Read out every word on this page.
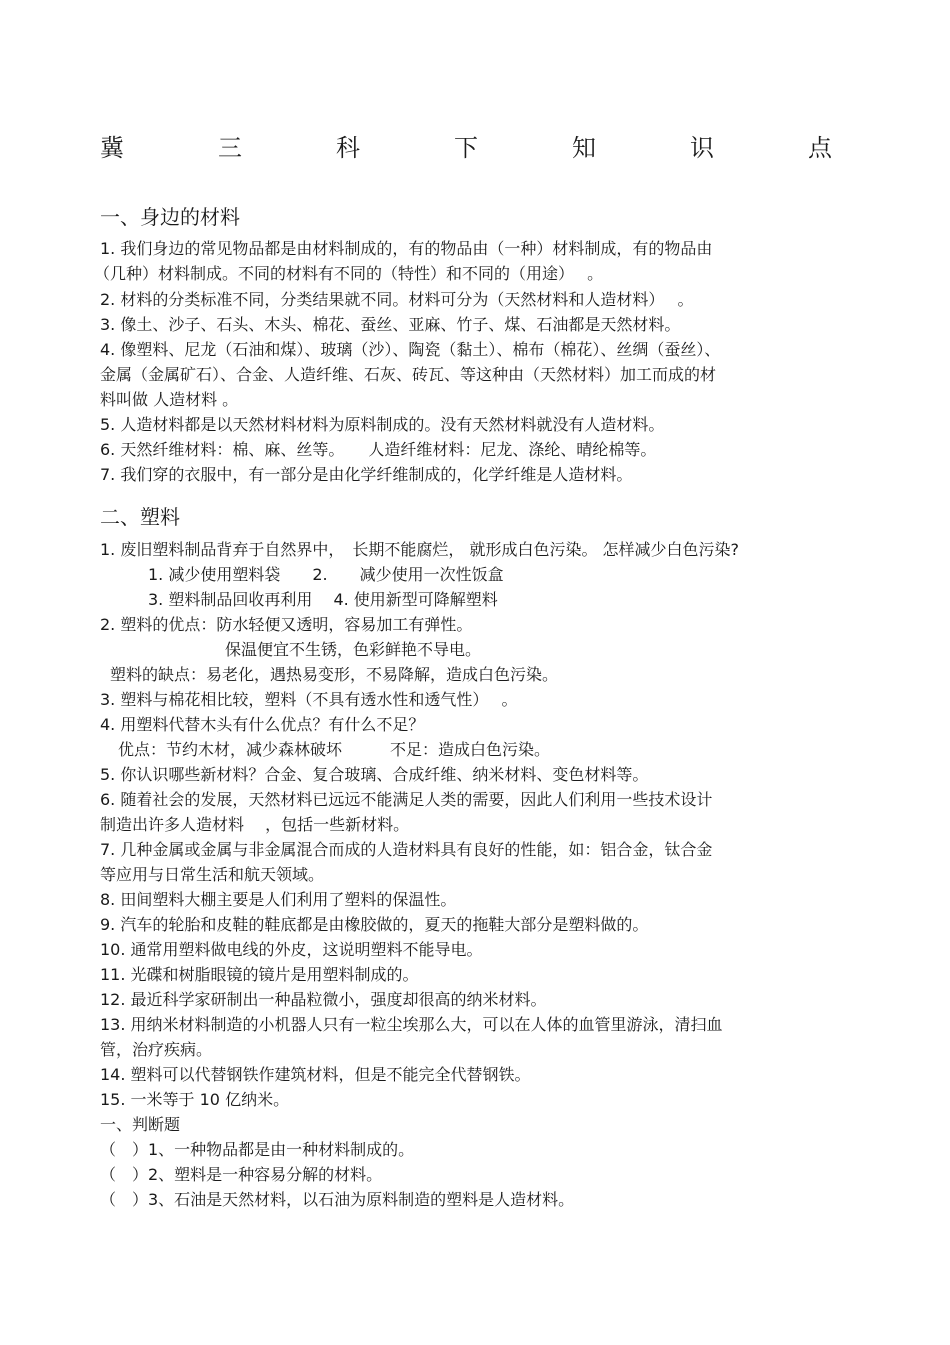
冀	三	科	下	知	识	点
一、身边的材料
1. 我们身边的常见物品都是由材料制成的，有的物品由（一种）材料制成，有的物品由
（几种）材料制成。不同的材料有不同的（特性）和不同的（用途）　 。
2. 材料的分类标准不同，分类结果就不同。材料可分为（天然材料和人造材料）　 。
3. 像土、沙子、石头、木头、棉花、蚕丝、亚麻、竹子、煤、石油都是天然材料。
4. 像塑料、尼龙（石油和煤）、玻璃（沙）、陶瓷（黏土）、棉布（棉花）、丝绸（蚕丝）、
金属（金属矿石）、合金、人造纤维、石灰、砖瓦、等这种由（天然材料）加工而成的材
料叫做 人造材料 。
5. 人造材料都是以天然材料材料为原料制成的。没有天然材料就没有人造材料。
6. 天然纤维材料：棉、麻、丝等。　　人造纤维材料：尼龙、涤纶、晴纶棉等。
7. 我们穿的衣服中，有一部分是由化学纤维制成的，化学纤维是人造材料。
二、塑料
1. 废旧塑料制品背弃于自然界中，　长期不能腐烂， 就形成白色污染。 怎样减少白色污染?
1. 减少使用塑料袋　　2.　　减少使用一次性饭盒
3. 塑料制品回收再利用　 4. 使用新型可降解塑料
2. 塑料的优点：防水轻便又透明，容易加工有弹性。
保温便宜不生锈，色彩鲜艳不导电。
塑料的缺点：易老化，遇热易变形，不易降解，造成白色污染。
3. 塑料与棉花相比较，塑料（不具有透水性和透气性）　 。
4. 用塑料代替木头有什么优点？有什么不足？
优点：节约木材，减少森林破坏　　　不足：造成白色污染。
5. 你认识哪些新材料？合金、复合玻璃、合成纤维、纳米材料、变色材料等。
6. 随着社会的发展，天然材料已远远不能满足人类的需要，因此人们利用一些技术设计
制造出许多人造材料　 ，包括一些新材料。
7. 几种金属或金属与非金属混合而成的人造材料具有良好的性能，如：铝合金，钛合金
等应用与日常生活和航天领域。
8. 田间塑料大棚主要是人们利用了塑料的保温性。
9. 汽车的轮胎和皮鞋的鞋底都是由橡胶做的，夏天的拖鞋大部分是塑料做的。
10. 通常用塑料做电线的外皮，这说明塑料不能导电。
11. 光碟和树脂眼镜的镜片是用塑料制成的。
12. 最近科学家研制出一种晶粒微小，强度却很高的纳米材料。
13. 用纳米材料制造的小机器人只有一粒尘埃那么大，可以在人体的血管里游泳，清扫血
管，治疗疾病。
14. 塑料可以代替钢铁作建筑材料，但是不能完全代替钢铁。
15. 一米等于 10 亿纳米。
一、判断题
（　）1、一种物品都是由一种材料制成的。
（　）2、塑料是一种容易分解的材料。
（　）3、石油是天然材料，以石油为原料制造的塑料是人造材料。
